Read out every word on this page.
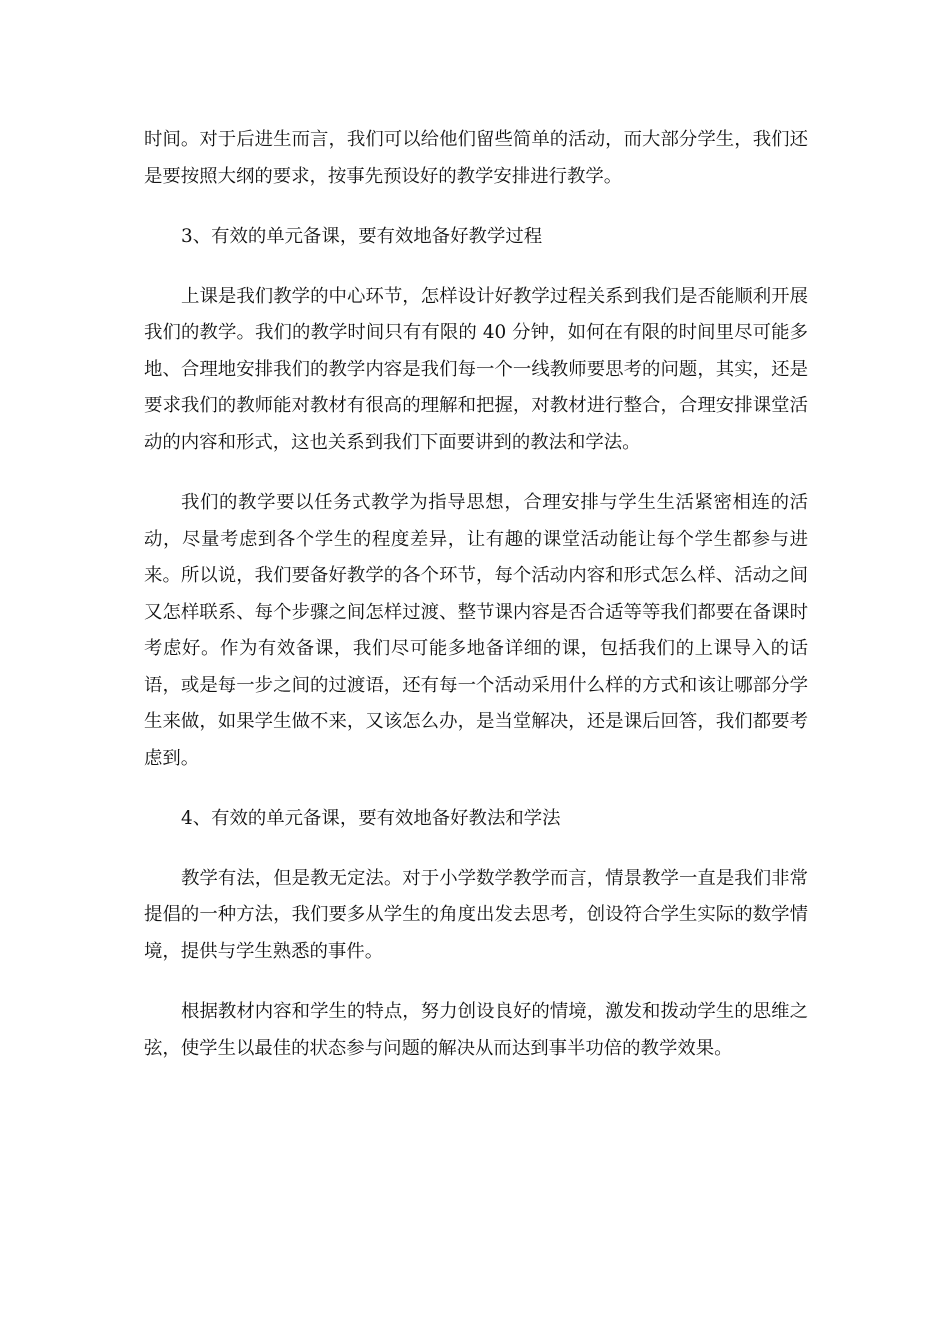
时间。对于后进生而言，我们可以给他们留些简单的活动，而大部分学生，我们还是要按照大纲的要求，按事先预设好的教学安排进行教学。

3、有效的单元备课，要有效地备好教学过程

上课是我们教学的中心环节，怎样设计好教学过程关系到我们是否能顺利开展我们的教学。我们的教学时间只有有限的 40 分钟，如何在有限的时间里尽可能多地、合理地安排我们的教学内容是我们每一个一线教师要思考的问题，其实，还是要求我们的教师能对教材有很高的理解和把握，对教材进行整合，合理安排课堂活动的内容和形式，这也关系到我们下面要讲到的教法和学法。

我们的教学要以任务式教学为指导思想，合理安排与学生生活紧密相连的活动，尽量考虑到各个学生的程度差异，让有趣的课堂活动能让每个学生都参与进来。所以说，我们要备好教学的各个环节，每个活动内容和形式怎么样、活动之间又怎样联系、每个步骤之间怎样过渡、整节课内容是否合适等等我们都要在备课时考虑好。作为有效备课，我们尽可能多地备详细的课，包括我们的上课导入的话语，或是每一步之间的过渡语，还有每一个活动采用什么样的方式和该让哪部分学生来做，如果学生做不来，又该怎么办，是当堂解决，还是课后回答，我们都要考虑到。

4、有效的单元备课，要有效地备好教法和学法

教学有法，但是教无定法。对于小学数学教学而言，情景教学一直是我们非常提倡的一种方法，我们要多从学生的角度出发去思考，创设符合学生实际的数学情境，提供与学生熟悉的事件。

根据教材内容和学生的特点，努力创设良好的情境，激发和拨动学生的思维之弦，使学生以最佳的状态参与问题的解决从而达到事半功倍的教学效果。
